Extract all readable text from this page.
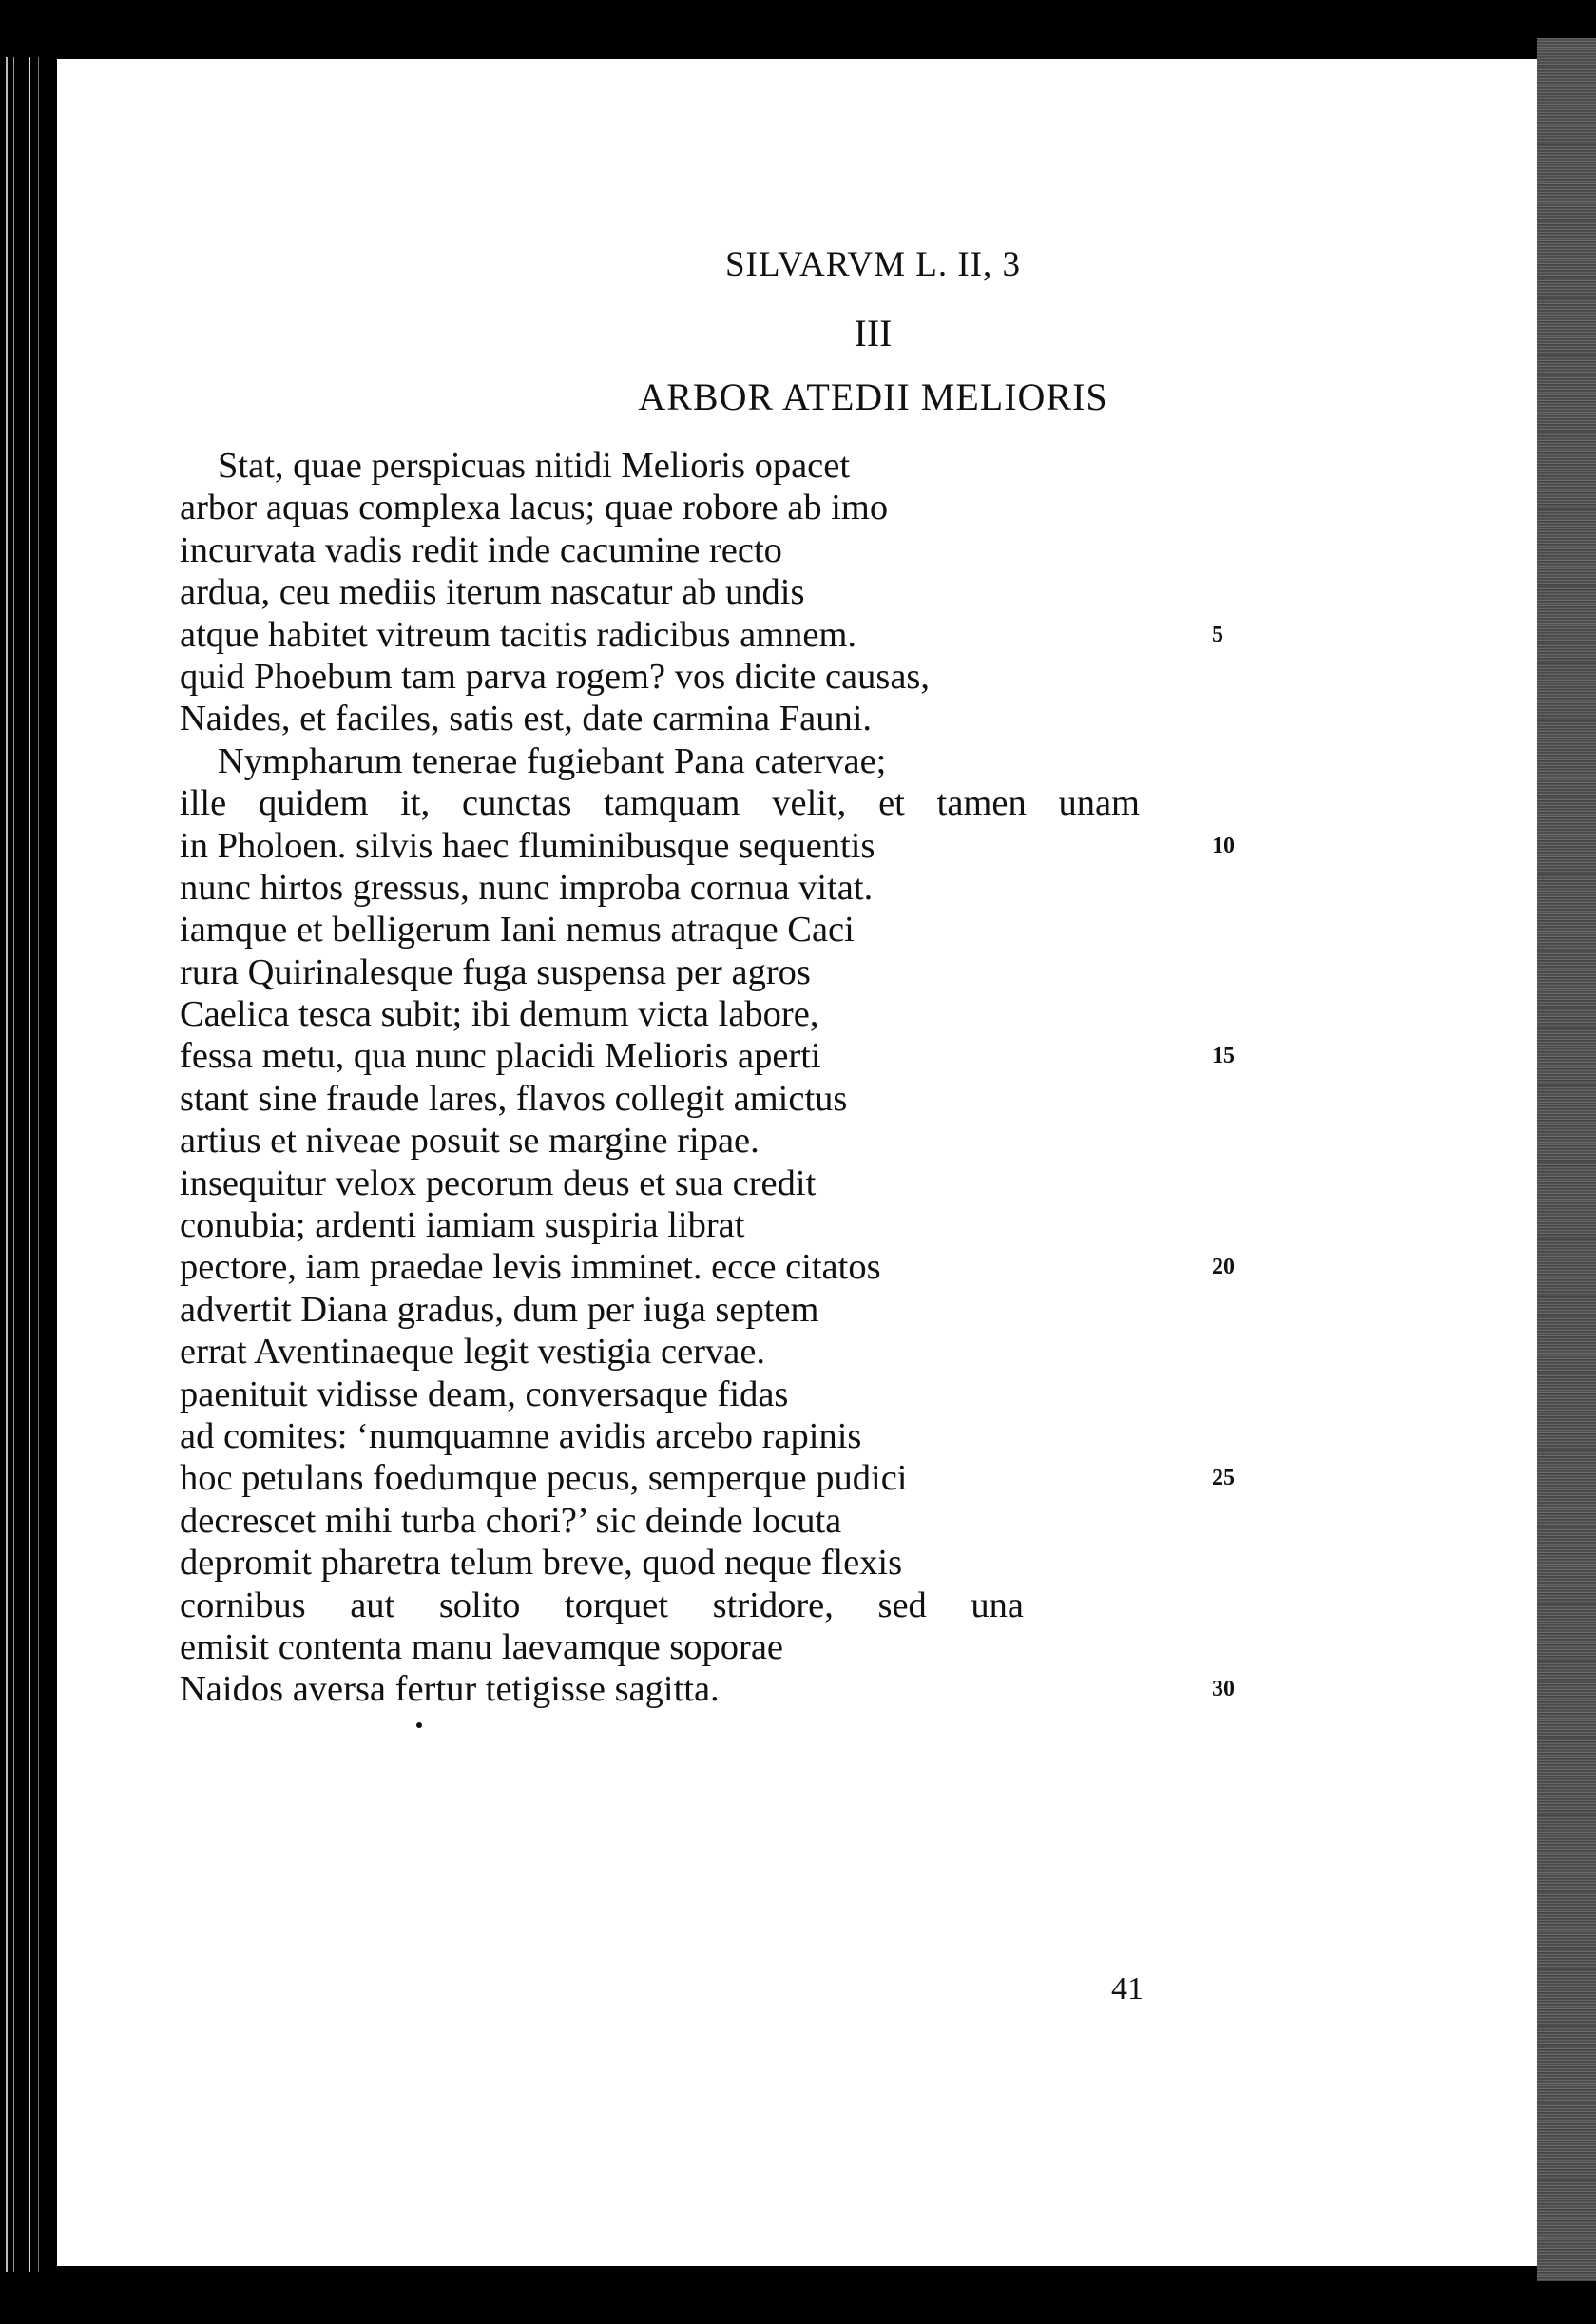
SILVARVM L. II, 3
III
ARBOR ATEDII MELIORIS
Stat, quae perspicuas nitidi Melioris opacet
arbor aquas complexa lacus; quae robore ab imo
incurvata vadis redit inde cacumine recto
ardua, ceu mediis iterum nascatur ab undis
atque habitet vitreum tacitis radicibus amnem.	5
quid Phoebum tam parva rogem? vos dicite causas,
Naides, et faciles, satis est, date carmina Fauni.
Nympharum tenerae fugiebant Pana catervae;
ille quidem it, cunctas tamquam velit, et tamen unam
in Pholoen. silvis haec fluminibusque sequentis	10
nunc hirtos gressus, nunc improba cornua vitat.
iamque et belligerum Iani nemus atraque Caci
rura Quirinalesque fuga suspensa per agros
Caelica tesca subit; ibi demum victa labore,
fessa metu, qua nunc placidi Melioris aperti	15
stant sine fraude lares, flavos collegit amictus
artius et niveae posuit se margine ripae.
insequitur velox pecorum deus et sua credit
conubia; ardenti iamiam suspiria librat
pectore, iam praedae levis imminet. ecce citatos	20
advertit Diana gradus, dum per iuga septem
errat Aventinaeque legit vestigia cervae.
paenituit vidisse deam, conversaque fidas
ad comites: ‘numquamne avidis arcebo rapinis
hoc petulans foedumque pecus, semperque pudici	25
decrescet mihi turba chori?’ sic deinde locuta
depromit pharetra telum breve, quod neque flexis
cornibus aut solito torquet stridore, sed una
emisit contenta manu laevamque soporae
Naidos aversa fertur tetigisse sagitta.	30
41
